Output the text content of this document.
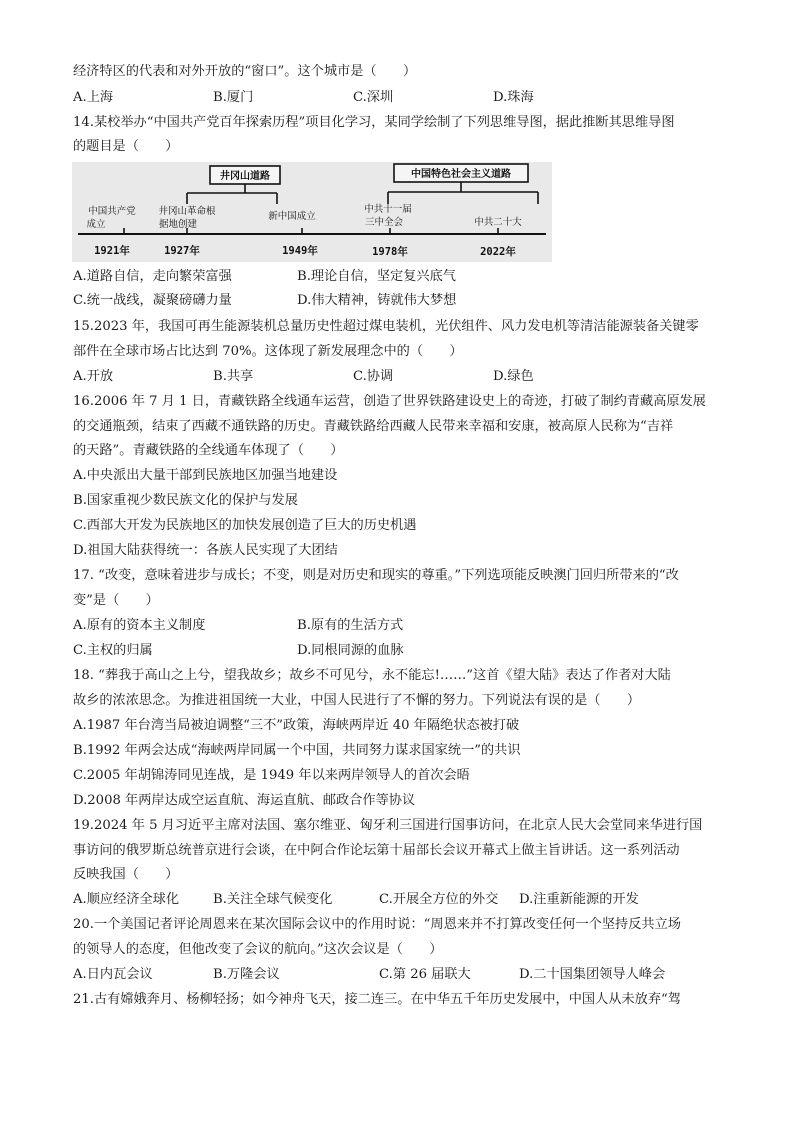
经济特区的代表和对外开放的“窗口”。这个城市是（　　）
A.上海	B.厦门	C.深圳	D.珠海
14.某校举办“中国共产党百年探索历程”项目化学习，某同学绘制了下列思维导图，据此推断其思维导图
的题目是（　　）
井冈山道路	中国特色社会主义道路
中国共产党
成立
井冈山革命根
据地创建
新中国成立
中共十一届
三中全会	中共二十大
1921年	1927年	1949年	1978年	2022年
A.道路自信，走向繁荣富强	B.理论自信，坚定复兴底气
C.统一战线，凝聚磅礴力量	D.伟大精神，铸就伟大梦想
15.2023 年，我国可再生能源装机总量历史性超过煤电装机，光伏组件、风力发电机等清洁能源装备关键零
部件在全球市场占比达到 70%。这体现了新发展理念中的（　　）
A.开放	B.共享	C.协调	D.绿色
16.2006 年 7 月 1 日，青藏铁路全线通车运营，创造了世界铁路建设史上的奇迹，打破了制约青藏高原发展
的交通瓶颈，结束了西藏不通铁路的历史。青藏铁路给西藏人民带来幸福和安康，被高原人民称为“吉祥
的天路”。青藏铁路的全线通车体现了（　　）
A.中央派出大量干部到民族地区加强当地建设
B.国家重视少数民族文化的保护与发展
C.西部大开发为民族地区的加快发展创造了巨大的历史机遇
D.祖国大陆获得统一：各族人民实现了大团结
17. “改变，意味着进步与成长；不变，则是对历史和现实的尊重。”下列选项能反映澳门回归所带来的“改
变”是（　　）
A.原有的资本主义制度	B.原有的生活方式
C.主权的归属	D.同根同源的血脉
18. “葬我于高山之上兮，望我故乡；故乡不可见兮，永不能忘!……”这首《望大陆》表达了作者对大陆
故乡的浓浓思念。为推进祖国统一大业，中国人民进行了不懈的努力。下列说法有误的是（　　）
A.1987 年台湾当局被迫调整“三不”政策，海峡两岸近 40 年隔绝状态被打破
B.1992 年两会达成“海峡两岸同属一个中国，共同努力谋求国家统一”的共识
C.2005 年胡锦涛同见连战，是 1949 年以来两岸领导人的首次会晤
D.2008 年两岸达成空运直航、海运直航、邮政合作等协议
19.2024 年 5 月习近平主席对法国、塞尔维亚、匈牙利三国进行国事访问，在北京人民大会堂同来华进行国
事访问的俄罗斯总统普京进行会谈，在中阿合作论坛第十届部长会议开幕式上做主旨讲话。这一系列活动
反映我国（　　）
A.顺应经济全球化	B.关注全球气候变化	C.开展全方位的外交 D.注重新能源的开发
20.一个美国记者评论周恩来在某次国际会议中的作用时说：“周恩来并不打算改变任何一个坚持反共立场
的领导人的态度，但他改变了会议的航向。”这次会议是（　　）
A.日内瓦会议	B.万隆会议	C.第 26 届联大	D.二十国集团领导人峰会
21.古有嫦娥奔月、杨柳轻扬；如今神舟飞天，接二连三。在中华五千年历史发展中，中国人从未放弃“驾
